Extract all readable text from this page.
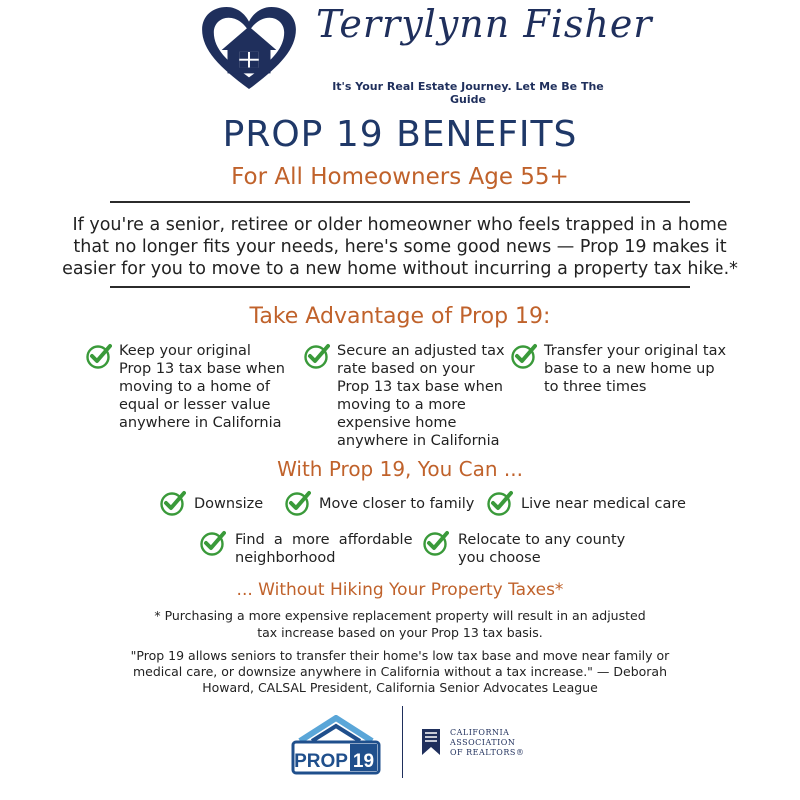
Terrylynn Fisher
It's Your Real Estate Journey. Let Me Be The Guide
PROP 19 BENEFITS
For All Homeowners Age 55+
If you're a senior, retiree or older homeowner who feels trapped in a home that no longer fits your needs, here's some good news — Prop 19 makes it easier for you to move to a new home without incurring a property tax hike.*
Take Advantage of Prop 19:
Keep your original
Prop 13 tax base when
moving to a home of
equal or lesser value
anywhere in California
Secure an adjusted tax
rate based on your
Prop 13 tax base when
moving to a more
expensive home
anywhere in California
Transfer your original tax
base to a new home up
to three times
With Prop 19, You Can ...
Downsize	Move closer to family	Live near medical care
Find  a  more  affordable
neighborhood
Relocate to any county
you choose
... Without Hiking Your Property Taxes*
* Purchasing a more expensive replacement property will result in an adjusted tax increase based on your Prop 13 tax basis.
"Prop 19 allows seniors to transfer their home's low tax base and move near family or medical care, or downsize anywhere in California without a tax increase." — Deborah Howard, CALSAL President, California Senior Advocates League
PROP 19
CALIFORNIA
ASSOCIATION
OF REALTORS®
